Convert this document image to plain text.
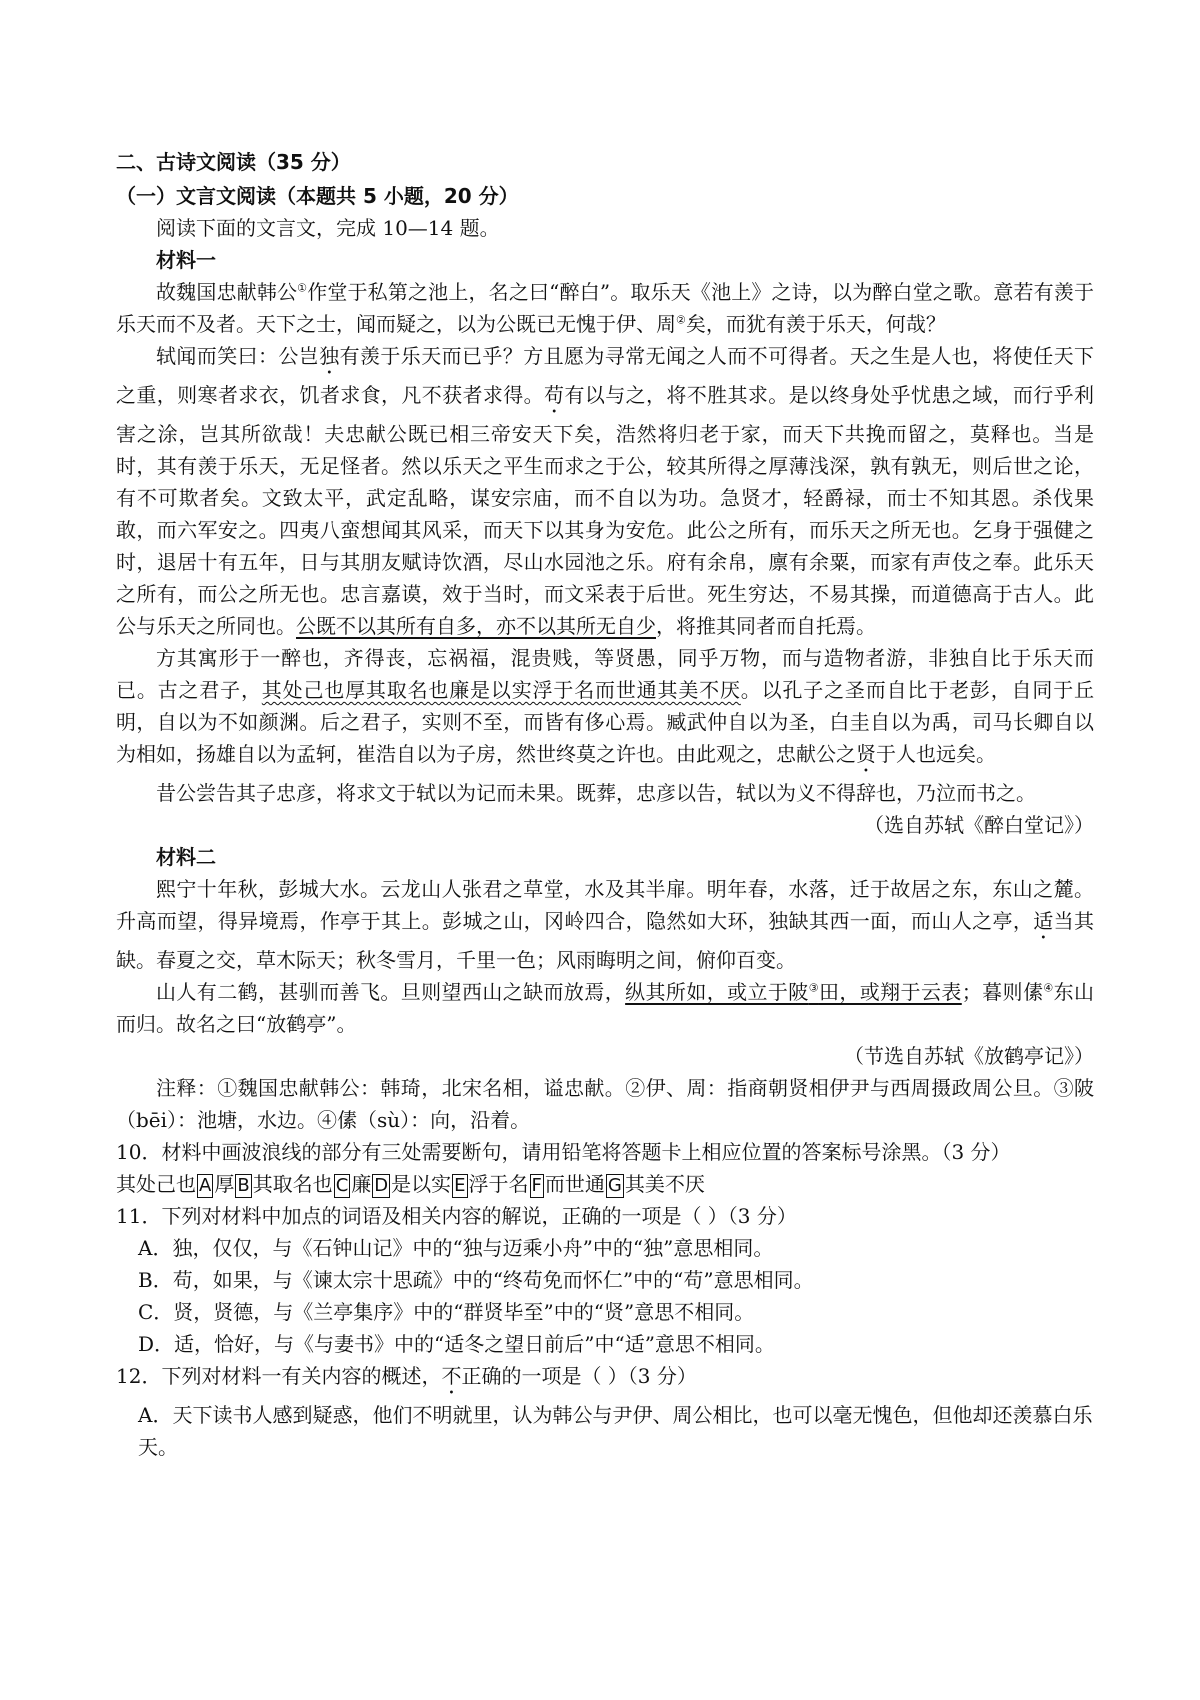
二、古诗文阅读（35 分）

（一）文言文阅读（本题共 5 小题，20 分）

阅读下面的文言文，完成 10—14 题。

材料一

故魏国忠献韩公①作堂于私第之池上，名之曰“醉白”。取乐天《池上》之诗，以为醉白堂之歌。意若有羡于乐天而不及者。天下之士，闻而疑之，以为公既已无愧于伊、周②矣，而犹有羡于乐天，何哉？

轼闻而笑曰：公岂独有羡于乐天而已乎？方且愿为寻常无闻之人而不可得者。天之生是人也，将使任天下之重，则寒者求衣，饥者求食，凡不获者求得。苟有以与之，将不胜其求。是以终身处乎忧患之域，而行乎利害之涂，岂其所欲哉！夫忠献公既已相三帝安天下矣，浩然将归老于家，而天下共挽而留之，莫释也。当是时，其有羡于乐天，无足怪者。然以乐天之平生而求之于公，较其所得之厚薄浅深，孰有孰无，则后世之论，有不可欺者矣。文致太平，武定乱略，谋安宗庙，而不自以为功。急贤才，轻爵禄，而士不知其恩。杀伐果敢，而六军安之。四夷八蛮想闻其风采，而天下以其身为安危。此公之所有，而乐天之所无也。乞身于强健之时，退居十有五年，日与其朋友赋诗饮酒，尽山水园池之乐。府有余帛，廪有余粟，而家有声伎之奉。此乐天之所有，而公之所无也。忠言嘉谟，效于当时，而文采表于后世。死生穷达，不易其操，而道德高于古人。此公与乐天之所同也。公既不以其所有自多，亦不以其所无自少，将推其同者而自托焉。

方其寓形于一醉也，齐得丧，忘祸福，混贵贱，等贤愚，同乎万物，而与造物者游，非独自比于乐天而已。古之君子，其处己也厚其取名也廉是以实浮于名而世通其美不厌。以孔子之圣而自比于老彭，自同于丘明，自以为不如颜渊。后之君子，实则不至，而皆有侈心焉。臧武仲自以为圣，白圭自以为禹，司马长卿自以为相如，扬雄自以为孟轲，崔浩自以为子房，然世终莫之许也。由此观之，忠献公之贤于人也远矣。

昔公尝告其子忠彦，将求文于轼以为记而未果。既葬，忠彦以告，轼以为义不得辞也，乃泣而书之。

（选自苏轼《醉白堂记》）

材料二

熙宁十年秋，彭城大水。云龙山人张君之草堂，水及其半扉。明年春，水落，迁于故居之东，东山之麓。升高而望，得异境焉，作亭于其上。彭城之山，冈岭四合，隐然如大环，独缺其西一面，而山人之亭，适当其缺。春夏之交，草木际天；秋冬雪月，千里一色；风雨晦明之间，俯仰百变。

山人有二鹤，甚驯而善飞。旦则望西山之缺而放焉，纵其所如，或立于陂③田，或翔于云表；暮则傃④东山而归。故名之曰“放鹤亭”。

（节选自苏轼《放鹤亭记》）

注释：①魏国忠献韩公：韩琦，北宋名相，谥忠献。②伊、周：指商朝贤相伊尹与西周摄政周公旦。③陂（bēi）：池塘，水边。④傃（sù）：向，沿着。

10．材料中画波浪线的部分有三处需要断句，请用铅笔将答题卡上相应位置的答案标号涂黑。（3 分）

其处己也 A 厚 B 其取名也 C 廉 D 是以实 E 浮于名 F 而世通 G 其美不厌

11．下列对材料中加点的词语及相关内容的解说，正确的一项是（ ）（3 分）

A．独，仅仅，与《石钟山记》中的“独与迈乘小舟”中的“独”意思相同。

B．苟，如果，与《谏太宗十思疏》中的“终苟免而怀仁”中的“苟”意思相同。

C．贤，贤德，与《兰亭集序》中的“群贤毕至”中的“贤”意思不相同。

D．适，恰好，与《与妻书》中的“适冬之望日前后”中“适”意思不相同。

12．下列对材料一有关内容的概述，不正确的一项是（ ）（3 分）

A．天下读书人感到疑惑，他们不明就里，认为韩公与尹伊、周公相比，也可以毫无愧色，但他却还羡慕白乐天。
